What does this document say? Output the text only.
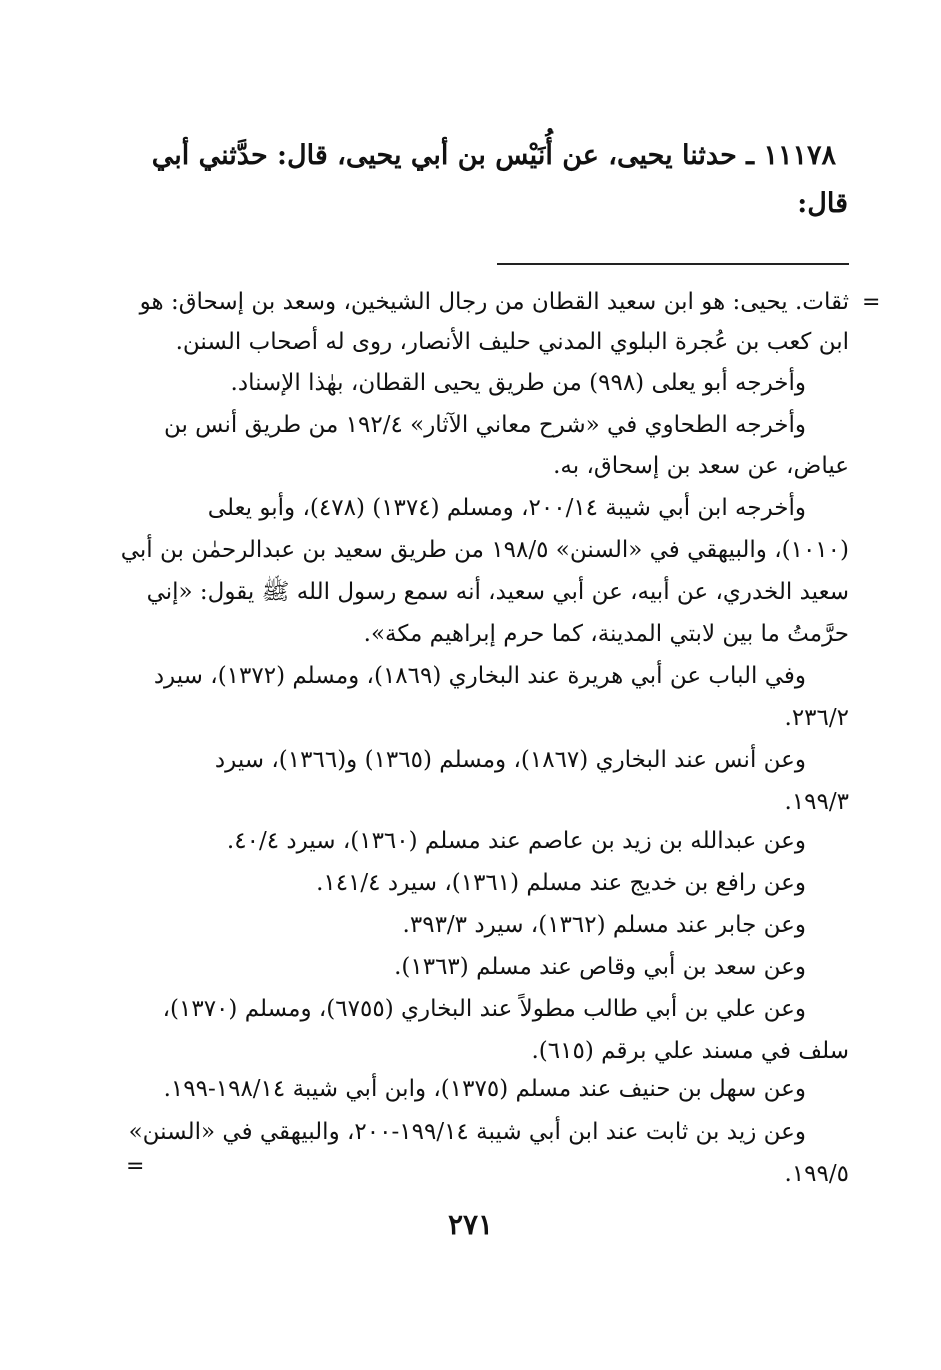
١١١٧٨ ـ حدثنا يحيى، عن أُنَيْس بن أبي يحيى، قال: حدَّثني أبي
قال:
=
ثقات. يحيى: هو ابن سعيد القطان من رجال الشيخين، وسعد بن إسحاق: هو
ابن كعب بن عُجرة البلوي المدني حليف الأنصار، روى له أصحاب السنن.
وأخرجه أبو يعلى (٩٩٨) من طريق يحيى القطان، بهٰذا الإسناد.
وأخرجه الطحاوي في «شرح معاني الآثار» ١٩٢/٤ من طريق أنس بن
عياض، عن سعد بن إسحاق، به.
وأخرجه ابن أبي شيبة ٢٠٠/١٤، ومسلم (١٣٧٤) (٤٧٨)، وأبو يعلى
(١٠١٠)، والبيهقي في «السنن» ١٩٨/٥ من طريق سعيد بن عبدالرحمٰن بن أبي
سعيد الخدري، عن أبيه، عن أبي سعيد، أنه سمع رسول الله ﷺ يقول: «إني
حرَّمتُ ما بين لابتي المدينة، كما حرم إبراهيم مكة».
وفي الباب عن أبي هريرة عند البخاري (١٨٦٩)، ومسلم (١٣٧٢)، سيرد
٢٣٦/٢.
وعن أنس عند البخاري (١٨٦٧)، ومسلم (١٣٦٥) و(١٣٦٦)، سيرد
١٩٩/٣.
وعن عبدالله بن زيد بن عاصم عند مسلم (١٣٦٠)، سيرد ٤٠/٤.
وعن رافع بن خديج عند مسلم (١٣٦١)، سيرد ١٤١/٤.
وعن جابر عند مسلم (١٣٦٢)، سيرد ٣٩٣/٣.
وعن سعد بن أبي وقاص عند مسلم (١٣٦٣).
وعن علي بن أبي طالب مطولاً عند البخاري (٦٧٥٥)، ومسلم (١٣٧٠)،
سلف في مسند علي برقم (٦١٥).
وعن سهل بن حنيف عند مسلم (١٣٧٥)، وابن أبي شيبة ١٩٨/١٤-١٩٩.
وعن زيد بن ثابت عند ابن أبي شيبة ١٩٩/١٤-٢٠٠، والبيهقي في «السنن»
١٩٩/٥.
=
٢٧١
